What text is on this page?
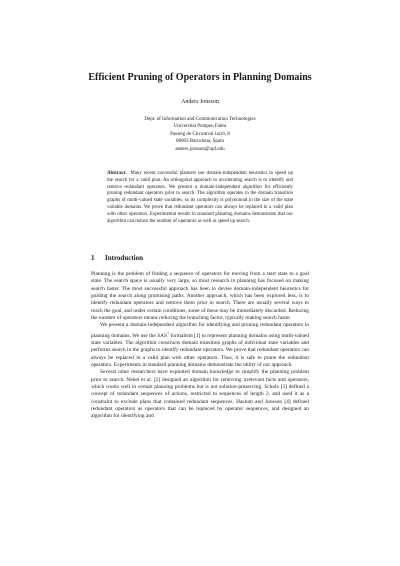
Efficient Pruning of Operators in Planning Domains
Anders Jonsson
Dept. of Information and Communication Technologies
Universitat Pompeu Fabra
Passeig de Circumval·lació, 8
08003 Barcelona, Spain
anders.jonsson@upf.edu
Abstract. Many recent successful planners use domain-independent heuristics to speed up the search for a valid plan. An orthogonal approach to accelerating search is to identify and remove redundant operators. We present a domain-independent algorithm for efficiently pruning redundant operators prior to search. The algorithm operates in the domain transition graphs of multi-valued state variables, so its complexity is polynomial in the size of the state variable domains. We prove that redundant operators can always be replaced in a valid plan with other operators. Experimental results in standard planning domains demonstrate that our algorithm can reduce the number of operators as well as speed up search.
1 Introduction

Planning is the problem of finding a sequence of operators for moving from a start state to a goal state. The search space is usually very large, so most research in planning has focused on making search faster. The most successful approach has been to devise domain-independent heuristics for guiding the search along promising paths. Another approach, which has been explored less, is to identify redundant operators and remove them prior to search. There are usually several ways to reach the goal, and under certain conditions, some of these may be immediately discarded. Reducing the number of operators means reducing the branching factor, typically making search faster.

We present a domain-independent algorithm for identifying and pruning redundant operators in planning domains. We use the SAS+ formalism [1] to represent planning domains using multi-valued state variables. The algorithm constructs domain transition graphs of individual state variables and performs search in the graphs to identify redundant operators. We prove that redundant operators can always be replaced in a valid plan with other operators. Thus, it is safe to prune the redundant operators. Experiments in standard planning domains demonstrate the utility of our approach.

Several other researchers have exploited domain knowledge to simplify the planning problem prior to search. Nebel et al. [2] designed an algorithm for removing irrelevant facts and operators, which works well in certain planning problems but is not solution-preserving. Scholz [3] defined a concept of redundant sequences of actions, restricted to sequences of length 2, and used it as a constraint to exclude plans that contained redundant sequences. Haslum and Jonsson [4] defined redundant operators as operators that can be replaced by operator sequences, and designed an algorithm for identifying and
